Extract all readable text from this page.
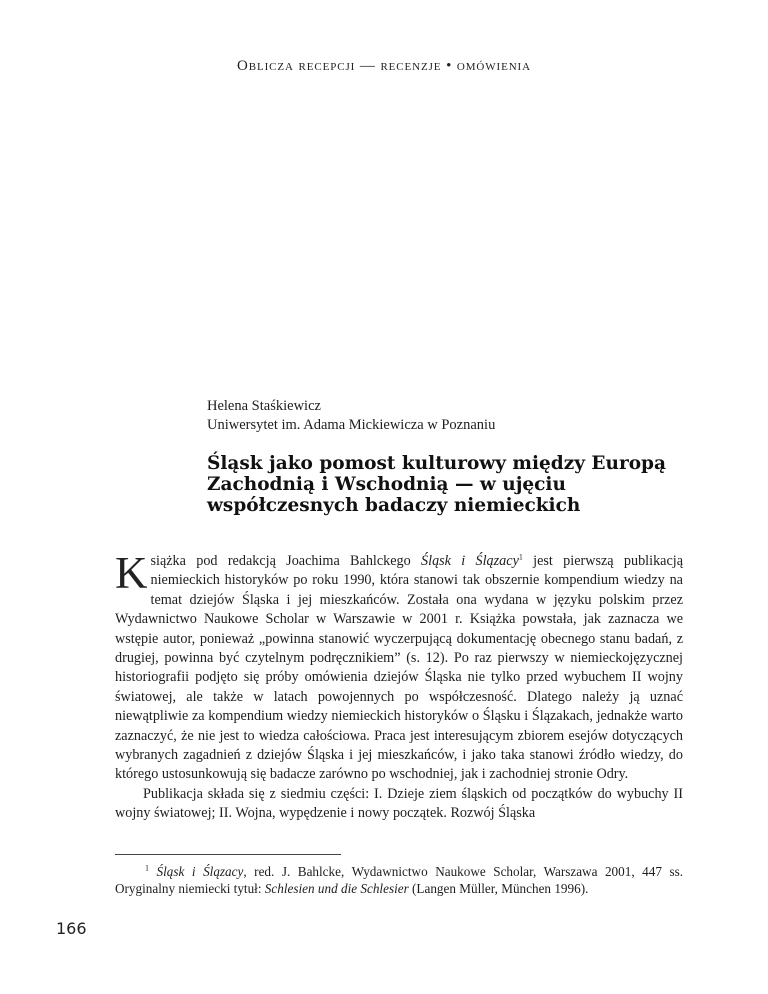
Oblicza recepcji — recenzje • omówienia
Helena Staśkiewicz
Uniwersytet im. Adama Mickiewicza w Poznaniu
Śląsk jako pomost kulturowy między Europą Zachodnią i Wschodnią — w ujęciu współczesnych badaczy niemieckich

Książka pod redakcją Joachima Bahlckego Śląsk i Ślązacy$^1$ jest pierwszą publikacją niemieckich historyków po roku 1990, która stanowi tak obszernie kompendium wiedzy na temat dziejów Śląska i jej mieszkańców. Została ona wydana w języku polskim przez Wydawnictwo Naukowe Scholar w Warszawie w 2001 r. Książka powstała, jak zaznacza we wstępie autor, ponieważ „powinna stanowić wyczerpującą dokumentację obecnego stanu badań, z drugiej, powinna być czytelnym podręcznikiem” (s. 12). Po raz pierwszy w niemieckojęzycznej historiografii podjęto się próby omówienia dziejów Śląska nie tylko przed wybuchem II wojny światowej, ale także w latach powojennych po współczesność. Dlatego należy ją uznać niewątpliwie za kompendium wiedzy niemieckich historyków o Śląsku i Ślązakach, jednakże warto zaznaczyć, że nie jest to wiedza całościowa. Praca jest interesującym zbiorem esejów dotyczących wybranych zagadnień z dziejów Śląska i jej mieszkańców, i jako taka stanowi źródło wiedzy, do którego ustosunkowują się badacze zarówno po wschodniej, jak i zachodniej stronie Odry.

Publikacja składa się z siedmiu części: I. Dzieje ziem śląskich od początków do wybuchy II wojny światowej; II. Wojna, wypędzenie i nowy początek. Rozwój Śląska

$^1$ Śląsk i Ślązacy, red. J. Bahlcke, Wydawnictwo Naukowe Scholar, Warszawa 2001, 447 ss. Oryginalny niemiecki tytuł: Schlesien und die Schlesier (Langen Müller, München 1996).
166
